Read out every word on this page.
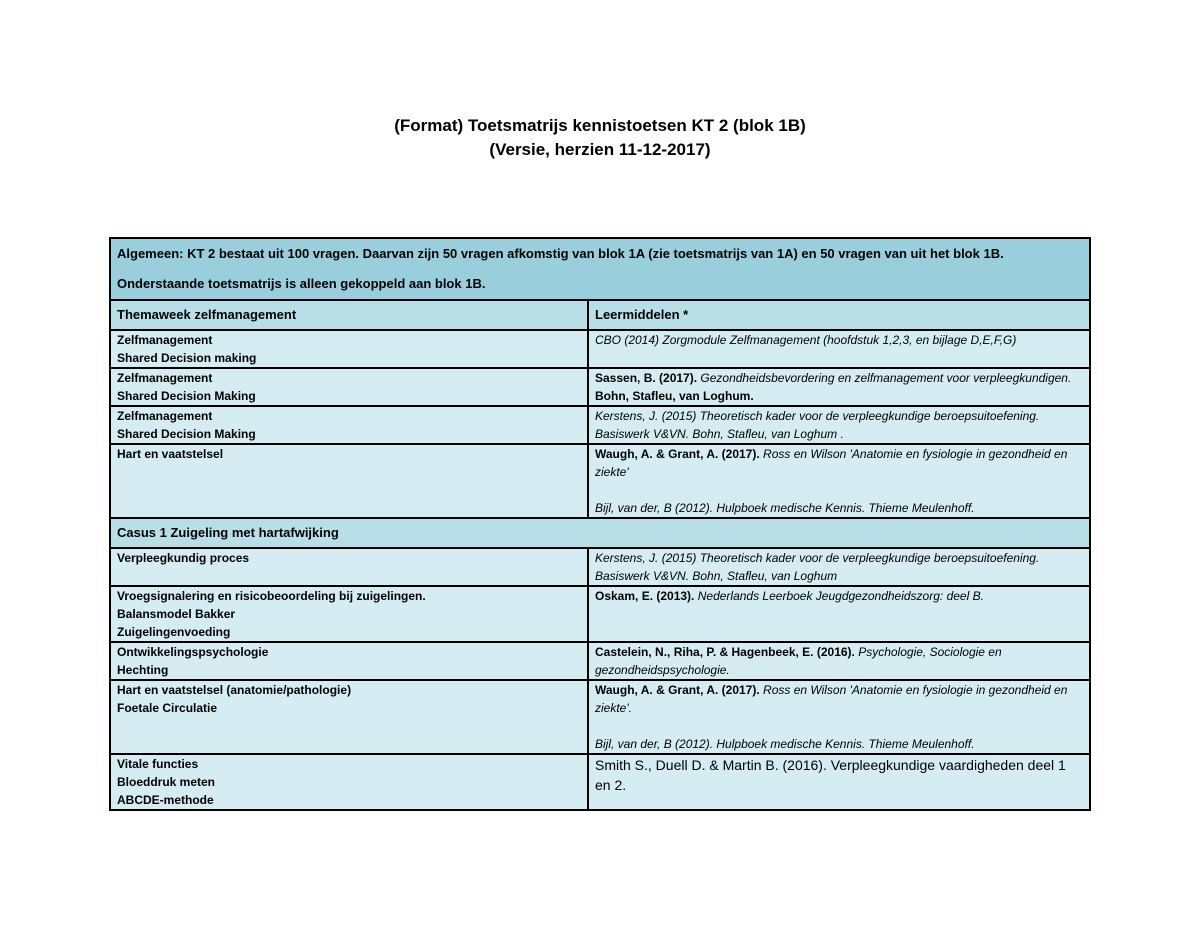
(Format) Toetsmatrijs kennistoetsen KT 2 (blok 1B)
(Versie, herzien 11-12-2017)
Algemeen: KT 2 bestaat uit 100 vragen. Daarvan zijn 50 vragen afkomstig van blok 1A (zie toetsmatrijs van 1A) en 50 vragen van uit het blok 1B. Onderstaande toetsmatrijs is alleen gekoppeld aan blok 1B.	
Themaweek zelfmanagement	Leermiddelen *

Zelfmanagement
Shared Decision making	CBO (2014) Zorgmodule Zelfmanagement (hoofdstuk 1,2,3, en bijlage D,E,F,G)

Zelfmanagement
Shared Decision Making	Sassen, B. (2017). Gezondheidsbevordering en zelfmanagement voor verpleegkundigen. Bohn, Stafleu, van Loghum.

Zelfmanagement
Shared Decision Making	Kerstens, J. (2015) Theoretisch kader voor de verpleegkundige beroepsuitoefening. Basiswerk V&VN. Bohn, Stafleu, van Loghum .

Hart en vaatstelsel	Waugh, A. & Grant, A. (2017). Ross en Wilson 'Anatomie en fysiologie in gezondheid en ziekte'
Bijl, van der, B (2012). Hulpboek medische Kennis. Thieme Meulenhoff.

Casus 1 Zuigeling met hartafwijking	

Verpleegkundig proces	Kerstens, J. (2015) Theoretisch kader voor de verpleegkundige beroepsuitoefening. Basiswerk V&VN. Bohn, Stafleu, van Loghum

Vroegsignalering en risicobeoordeling bij zuigelingen.
Balansmodel Bakker
Zuigelingenvoeding	Oskam, E. (2013). Nederlands Leerboek Jeugdgezondheidszorg: deel B.

Ontwikkelingspsychologie
Hechting	Castelein, N., Riha, P. & Hagenbeek, E. (2016). Psychologie, Sociologie en gezondheidspsychologie.

Hart en vaatstelsel (anatomie/pathologie)
Foetale Circulatie	Waugh, A. & Grant, A. (2017). Ross en Wilson 'Anatomie en fysiologie in gezondheid en ziekte'.
Bijl, van der, B (2012). Hulpboek medische Kennis. Thieme Meulenhoff.

Vitale functies
Bloeddruk meten
ABCDE-methode	Smith S., Duell D. & Martin B. (2016). Verpleegkundige vaardigheden deel 1 en 2.
